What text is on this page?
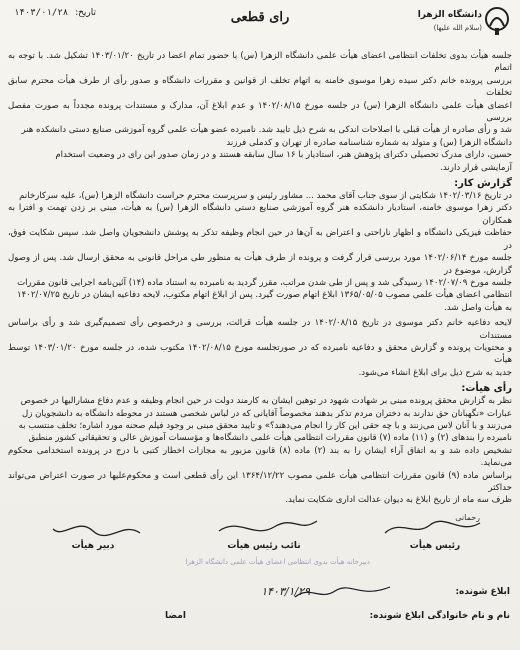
دانشگاه الزهرا
(سلام الله علیها)
رای قطعی
تاریخ: ۱۴۰۳/۰۱/۲۸

جلسه هیأت بدوی تخلفات انتظامی اعضای هیأت علمی دانشگاه الزهرا (س) با حضور تمام اعضا در تاریخ ۱۴۰۳/۰۱/۲۰ تشکیل شد. با توجه به اتمام

بررسی پرونده خانم دکتر سیده زهرا موسوی خامنه به اتهام تخلف از قوانین و مقررات دانشگاه و صدور رأی از طرف هیأت محترم سابق تخلفات

اعضای هیأت علمی دانشگاه الزهرا (س) در جلسه مورخ ۱۴۰۲/۰۸/۱۵ و عدم ابلاغ آن، مدارک و مستندات پرونده مجدداً به صورت مفصل بررسی

شد و رأی صادره از هیأت قبلی با اصلاحات اندکی به شرح ذیل تایید شد. نامبرده عضو هیأت علمی گروه آموزشی صنایع دستی دانشکده هنر

دانشگاه الزهرا (س) و متولد به شماره شناسنامه صادره از تهران و کدملی فرزند

حسین، دارای مدرک تحصیلی دکترای پژوهش هنر، استادیار با ۱۶ سال سابقه هستند و در زمان صدور این رای در وضعیت استخدام

آزمایشی قرار دارند.

گزارش کار:

در تاریخ ۱۴۰۲/۰۳/۱۶ شکایتی از سوی جناب آقای محمد ... مشاور رئیس و سرپرست محترم حراست دانشگاه الزهرا (س)، علیه سرکارخانم

دکتر زهرا موسوی خامنه، استادیار دانشکده هنر گروه آموزشی صنایع دستی دانشگاه الزهرا (س) به هیأت، مبنی بر زدن تهمت و افترا به همکاران

حفاظت فیزیکی دانشگاه و اظهار ناراحتی و اعتراض به آن‌ها در حین انجام وظیفه تذکر به پوشش دانشجویان واصل شد. سپس شکایت فوق، در

جلسه مورخ ۱۴۰۲/۰۶/۱۴ مورد بررسی قرار گرفت و پرونده از طرف هیأت به منظور طی مراحل قانونی به محقق ارسال شد. پس از وصول گزارش، موضوع در

جلسه مورخ ۱۴۰۲/۰۷/۰۹ رسیدگی شد و پس از طی شدن مراتب، مقرر گردید به نامبرده به استناد ماده (۱۴) آئین‌نامه اجرایی قانون مقررات

انتظامی اعضای هیأت علمی مصوب ۱۳۶۵/۰۵/۰۵ ابلاغ اتهام صورت گیرد. پس از ابلاغ اتهام مکتوب، لایحه دفاعیه ایشان در تاریخ ۱۴۰۲/۰۷/۲۵

به هیأت واصل شد.

لایحه دفاعیه خانم دکتر موسوی در تاریخ ۱۴۰۲/۰۸/۱۵ در جلسه هیأت قرائت، بررسی و درخصوص رأی تصمیم‌گیری شد و رأی براساس مستندات

و محتویات پرونده و گزارش محقق و دفاعیه نامبرده که در صورتجلسه مورخ ۱۴۰۲/۰۸/۱۵ مکتوب شده، در جلسه مورخ ۱۴۰۳/۰۱/۲۰ توسط هیأت

جدید به شرح ذیل برای ابلاغ انشاء می‌شود.

رأی هیأت:

نظر به گزارش محقق پرونده مبنی بر شهادت شهود در توهین ایشان به کارمند دولت در حین انجام وظیفه و عدم دفاع مشارالیها در خصوص

عبارات «نگهبانان حق ندارند به دختران مردم تذکر بدهند مخصوصاً آقایانی که در لباس شخصی هستند در محوطه دانشگاه به دانشجویان زل

می‌زنند و با آنان لاس می‌زنند و با چه حقی این کار را انجام می‌دهند؟» و تایید محقق مبنی بر وجود فیلم صحنه مورد اشاره؛ تخلف منتسب به

نامبرده را بندهای (۲) و (۱۱) ماده (۷) قانون مقررات انتظامی هیأت علمی دانشگاه‌ها و مؤسسات آموزش عالی و تحقیقاتی کشور منطبق

تشخیص داده شد و به اتفاق آراء ایشان را به بند (۲) ماده (۸) قانون مزبور به مجازات اخطار کتبی با درج در پرونده استخدامی محکوم می‌نماید.

براساس ماده (۹) قانون مقررات انتظامی هیأت علمی مصوب ۱۳۶۴/۱۲/۲۲ این رأی قطعی است و محکوم‌علیها در صورت اعتراض می‌تواند حداکثر

ظرف سه ماه از تاریخ ابلاغ به دیوان عدالت اداری شکایت نماید.

رحمانی
رئیس هیأت
نائب رئیس هیأت
دبیر هیأت
دبیرخانه هیأت بدوی انتظامی اعضای هیأت علمی دانشگاه الزهرا
ابلاغ شونده:
۱۴۰۳/۱/۲۹
نام و نام خانوادگی ابلاغ شونده:
امضا
